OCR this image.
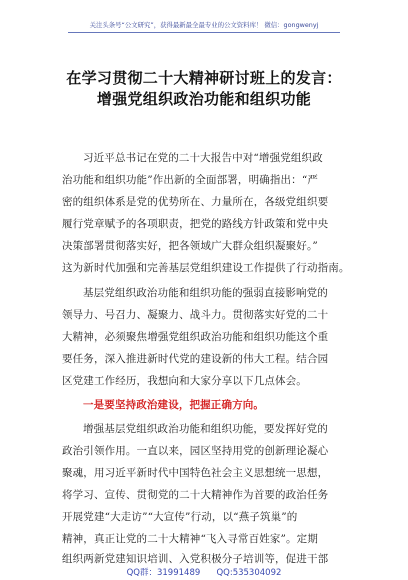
关注头条号“公文研究”，获得最新最全最专业的公文资料库！ 微信：gongwenyj
在学习贯彻二十大精神研讨班上的发言：
增强党组织政治功能和组织功能
习近平总书记在党的二十大报告中对“增强党组织政
治功能和组织功能”作出新的全面部署，明确指出：“严
密的组织体系是党的优势所在、力量所在，各级党组织要
履行党章赋予的各项职责，把党的路线方针政策和党中央
决策部署贯彻落实好，把各领域广大群众组织凝聚好。”
这为新时代加强和完善基层党组织建设工作提供了行动指南。
基层党组织政治功能和组织功能的强弱直接影响党的
领导力、号召力、凝聚力、战斗力。贯彻落实好党的二十
大精神，必须聚焦增强党组织政治功能和组织功能这个重
要任务，深入推进新时代党的建设新的伟大工程。结合园
区党建工作经历，我想向和大家分享以下几点体会。
一是要坚持政治建设，把握正确方向。
增强基层党组织政治功能和组织功能，要发挥好党的
政治引领作用。一直以来，园区坚持用党的创新理论凝心
聚魂，用习近平新时代中国特色社会主义思想统一思想，
将学习、宣传、贯彻党的二十大精神作为首要的政治任务
开展党建“大走访”“大宣传”行动，以“燕子筑巢”的
精神，真正让党的二十大精神“飞入寻常百姓家”。定期
组织两新党建知识培训、入党积极分子培训等，促进干部
QQ群：31991489      QQ:535304092
